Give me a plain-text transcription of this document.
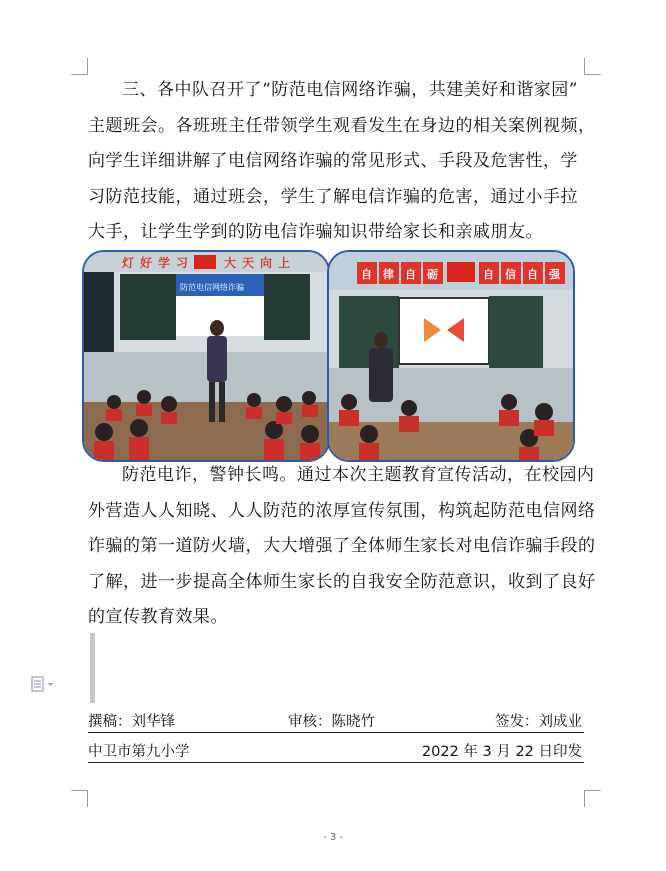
三、各中队召开了“防范电信网络诈骗，共建美好和谐家园”
主题班会。各班班主任带领学生观看发生在身边的相关案例视频，
向学生详细讲解了电信网络诈骗的常见形式、手段及危害性，学
习防范技能，通过班会，学生了解电信诈骗的危害，通过小手拉
大手，让学生学到的防电信诈骗知识带给家长和亲戚朋友。
灯 好 学 习	大 天 向 上
防范电信网络诈骗
自 律 自 砺	自 信 自 强
防范电诈，警钟长鸣。通过本次主题教育宣传活动，在校园内
外营造人人知晓、人人防范的浓厚宣传氛围，构筑起防范电信网络
诈骗的第一道防火墙，大大增强了全体师生家长对电信诈骗手段的
了解，进一步提高全体师生家长的自我安全防范意识，收到了良好
的宣传教育效果。
撰稿：刘华锋	审核：陈晓竹	签发：刘成业
中卫市第九小学	2022 年 3 月 22 日印发
- 3 -
